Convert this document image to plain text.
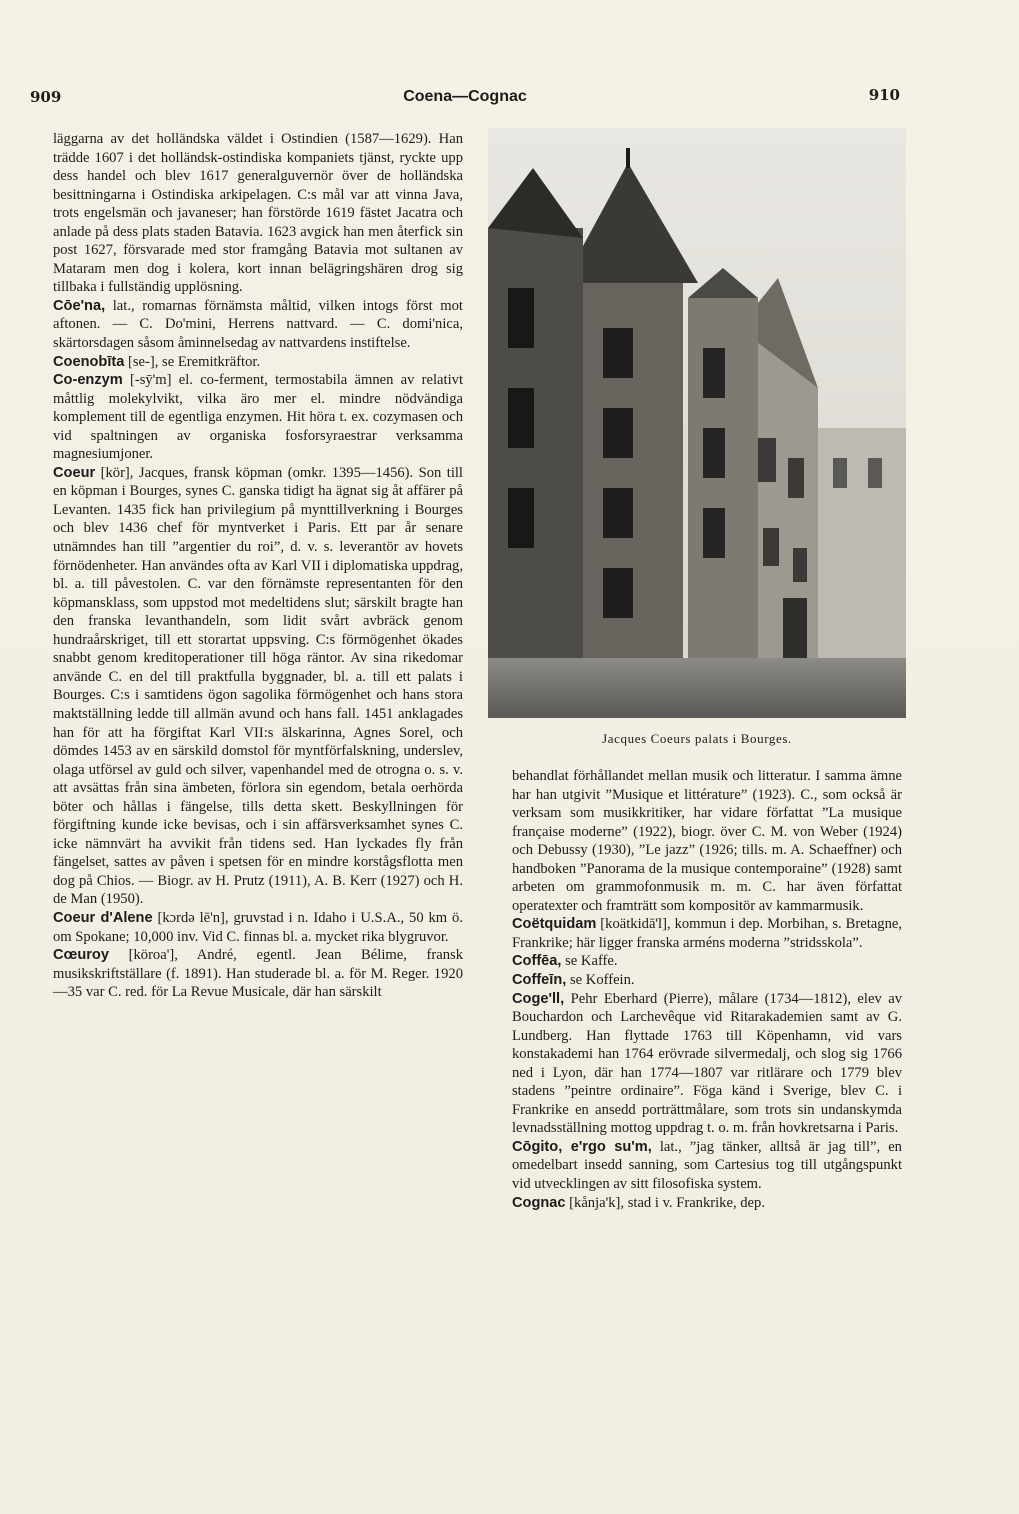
909	Coena—Cognac	910

läggarna av det holländska väldet i Ostindien (1587—1629). Han trädde 1607 i det holländsk-ostindiska kompaniets tjänst, ryckte upp dess handel och blev 1617 generalguvernör över de holländska besittningarna i Ostindiska arkipelagen. C:s mål var att vinna Java, trots engelsmän och javaneser; han förstörde 1619 fästet Jacatra och anlade på dess plats staden Batavia. 1623 avgick han men återfick sin post 1627, försvarade med stor framgång Batavia mot sultanen av Mataram men dog i kolera, kort innan belägringshären drog sig tillbaka i fullständig upplösning.

Cōe'na, lat., romarnas förnämsta måltid, vilken intogs först mot aftonen. — C. Do'mini, Herrens nattvard. — C. domi'nica, skärtorsdagen såsom åminnelsedag av nattvardens instiftelse.

Coenobīta [se-], se Eremitkräftor.

Co-enzym [-sȳ'm] el. co-ferment, termostabila ämnen av relativt måttlig molekylvikt, vilka äro mer el. mindre nödvändiga komplement till de egentliga enzymen. Hit höra t. ex. cozymasen och vid spaltningen av organiska fosforsyraestrar verksamma magnesiumjoner.

Coeur [kör], Jacques, fransk köpman (omkr. 1395—1456). Son till en köpman i Bourges, synes C. ganska tidigt ha ägnat sig åt affärer på Levanten. 1435 fick han privilegium på mynttillverkning i Bourges och blev 1436 chef för myntverket i Paris. Ett par år senare utnämndes han till ”argentier du roi”, d. v. s. leverantör av hovets förnödenheter. Han användes ofta av Karl VII i diplomatiska uppdrag, bl. a. till påvestolen. C. var den förnämste representanten för den köpmansklass, som uppstod mot medeltidens slut; särskilt bragte han den franska levanthandeln, som lidit svårt avbräck genom hundraårskriget, till ett storartat uppsving. C:s förmögenhet ökades snabbt genom kreditoperationer till höga räntor. Av sina rikedomar använde C. en del till praktfulla byggnader, bl. a. till ett palats i Bourges. C:s i samtidens ögon sagolika förmögenhet och hans stora maktställning ledde till allmän avund och hans fall. 1451 anklagades han för att ha förgiftat Karl VII:s älskarinna, Agnes Sorel, och dömdes 1453 av en särskild domstol för myntförfalskning, underslev, olaga utförsel av guld och silver, vapenhandel med de otrogna o. s. v. att avsättas från sina ämbeten, förlora sin egendom, betala oerhörda böter och hållas i fängelse, tills detta skett. Beskyllningen för förgiftning kunde icke bevisas, och i sin affärsverksamhet synes C. icke nämnvärt ha avvikit från tidens sed. Han lyckades fly från fängelset, sattes av påven i spetsen för en mindre korstågsflotta men dog på Chios. — Biogr. av H. Prutz (1911), A. B. Kerr (1927) och H. de Man (1950).

Coeur d'Alene [kɔrdə lē'n], gruvstad i n. Idaho i U.S.A., 50 km ö. om Spokane; 10,000 inv. Vid C. finnas bl. a. mycket rika blygruvor.

Cœuroy [köroa'], André, egentl. Jean Bélime, fransk musikskriftställare (f. 1891). Han studerade bl. a. för M. Reger. 1920—35 var C. red. för La Revue Musicale, där han särskilt

Jacques Coeurs palats i Bourges.

behandlat förhållandet mellan musik och litteratur. I samma ämne har han utgivit ”Musique et littérature” (1923). C., som också är verksam som musikkritiker, har vidare författat ”La musique française moderne” (1922), biogr. över C. M. von Weber (1924) och Debussy (1930), ”Le jazz” (1926; tills. m. A. Schaeffner) och handboken ”Panorama de la musique contemporaine” (1928) samt arbeten om grammofonmusik m. m. C. har även författat operatexter och framträtt som kompositör av kammarmusik.

Coëtquidam [koätkidā'l], kommun i dep. Morbihan, s. Bretagne, Frankrike; här ligger franska arméns moderna ”stridsskola”.

Coffēa, se Kaffe.

Coffeīn, se Koffein.

Coge'll, Pehr Eberhard (Pierre), målare (1734—1812), elev av Bouchardon och Larchevêque vid Ritarakademien samt av G. Lundberg. Han flyttade 1763 till Köpenhamn, vid vars konstakademi han 1764 erövrade silvermedalj, och slog sig 1766 ned i Lyon, där han 1774—1807 var ritlärare och 1779 blev stadens ”peintre ordinaire”. Föga känd i Sverige, blev C. i Frankrike en ansedd porträttmålare, som trots sin undanskymda levnadsställning mottog uppdrag t. o. m. från hovkretsarna i Paris.

Cōgito, e'rgo su'm, lat., ”jag tänker, alltså är jag till”, en omedelbart insedd sanning, som Cartesius tog till utgångspunkt vid utvecklingen av sitt filosofiska system.

Cognac [kånja'k], stad i v. Frankrike, dep.
